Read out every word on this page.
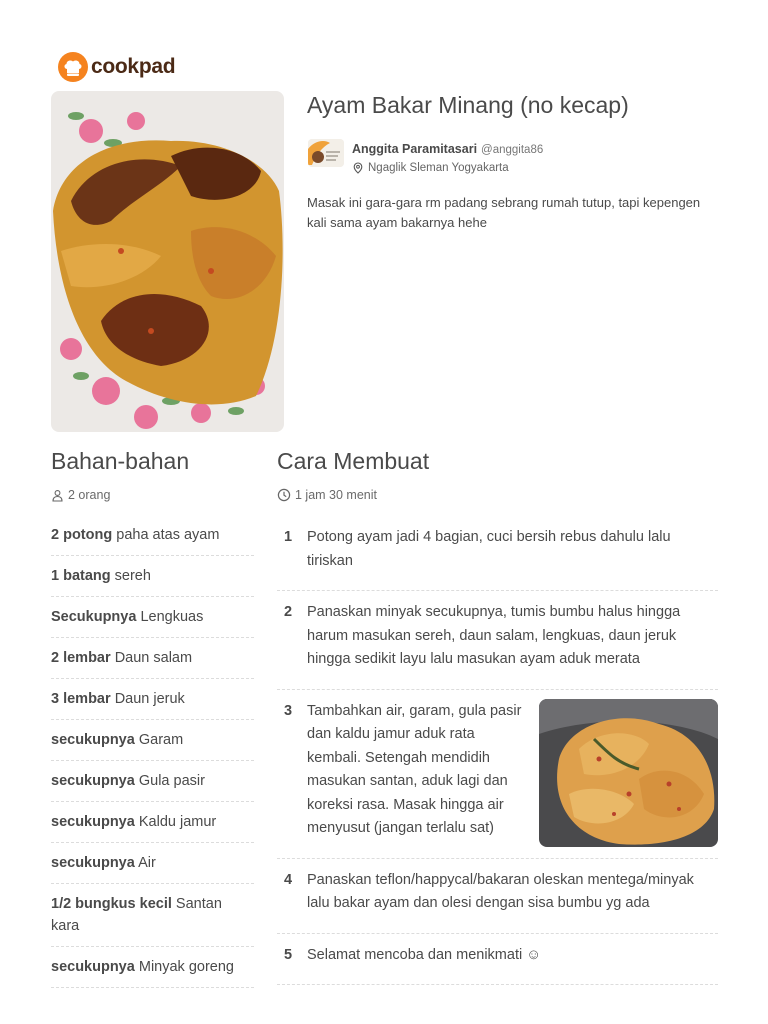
cookpad
Ayam Bakar Minang (no kecap)
Anggita Paramitasari @anggita86
Ngaglik Sleman Yogyakarta
Masak ini gara-gara rm padang sebrang rumah tutup, tapi kepengen kali sama ayam bakarnya hehe
Bahan-bahan
2 orang
2 potong paha atas ayam
1 batang sereh
Secukupnya Lengkuas
2 lembar Daun salam
3 lembar Daun jeruk
secukupnya Garam
secukupnya Gula pasir
secukupnya Kaldu jamur
secukupnya Air
1/2 bungkus kecil Santan kara
secukupnya Minyak goreng
Cara Membuat
1 jam 30 menit
1 Potong ayam jadi 4 bagian, cuci bersih rebus dahulu lalu tiriskan
2 Panaskan minyak secukupnya, tumis bumbu halus hingga harum masukan sereh, daun salam, lengkuas, daun jeruk hingga sedikit layu lalu masukan ayam aduk merata
3 Tambahkan air, garam, gula pasir dan kaldu jamur aduk rata kembali. Setengah mendidih masukan santan, aduk lagi dan koreksi rasa. Masak hingga air menyusut (jangan terlalu sat)
4 Panaskan teflon/happycal/bakaran oleskan mentega/minyak lalu bakar ayam dan olesi dengan sisa bumbu yg ada
5 Selamat mencoba dan menikmati ☺
